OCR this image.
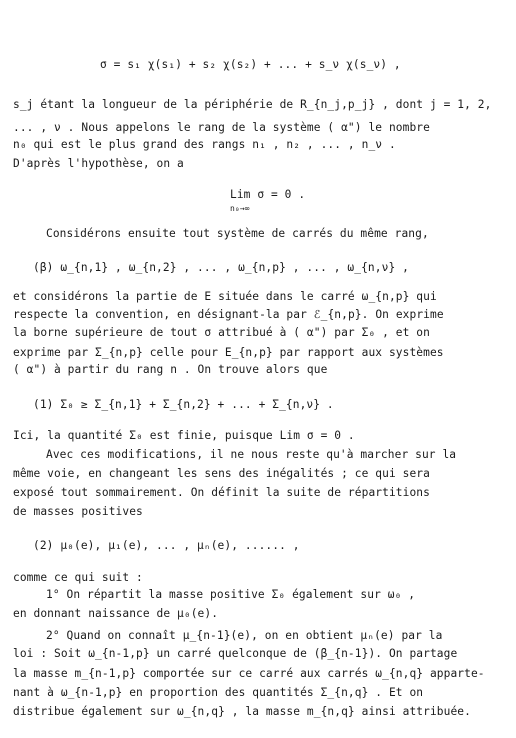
σ = s₁ χ(s₁) + s₂ χ(s₂) + ... + s_ν χ(s_ν) ,
s_j étant la longueur de la périphérie de R_{n_j,p_j} , dont j = 1, 2,
... , ν . Nous appelons le rang de la système ( α") le nombre
n₀ qui est le plus grand des rangs n₁ , n₂ , ... , n_ν .
D'après l'hypothèse, on a
Lim σ = 0 .
n₀→∞
Considérons ensuite tout système de carrés du même rang,
(β) ω_{n,1} , ω_{n,2} , ... , ω_{n,p} , ... , ω_{n,ν} ,
et considérons la partie de E située dans le carré ω_{n,p} qui
respecte la convention, en désignant-la par ℰ_{n,p}. On exprime
la borne supérieure de tout σ attribué à ( α") par Σ₀ , et on
exprime par Σ_{n,p} celle pour E_{n,p} par rapport aux systèmes
( α") à partir du rang n . On trouve alors que
(1) Σ₀ ≥ Σ_{n,1} + Σ_{n,2} + ... + Σ_{n,ν} .
Ici, la quantité Σ₀ est finie, puisque Lim σ = 0 .
Avec ces modifications, il ne nous reste qu'à marcher sur la
même voie, en changeant les sens des inégalités ; ce qui sera
exposé tout sommairement. On définit la suite de répartitions
de masses positives
(2) μ₀(e), μ₁(e), ... , μₙ(e), ...... ,
comme ce qui suit :
1° On répartit la masse positive Σ₀ également sur ω₀ ,
en donnant naissance de μ₀(e).
2° Quand on connaît μ_{n-1}(e), on en obtient μₙ(e) par la
loi : Soit ω_{n-1,p} un carré quelconque de (β_{n-1}). On partage
la masse m_{n-1,p} comportée sur ce carré aux carrés ω_{n,q} apparte-
nant à ω_{n-1,p} en proportion des quantités Σ_{n,q} . Et on
distribue également sur ω_{n,q} , la masse m_{n,q} ainsi attribuée.
